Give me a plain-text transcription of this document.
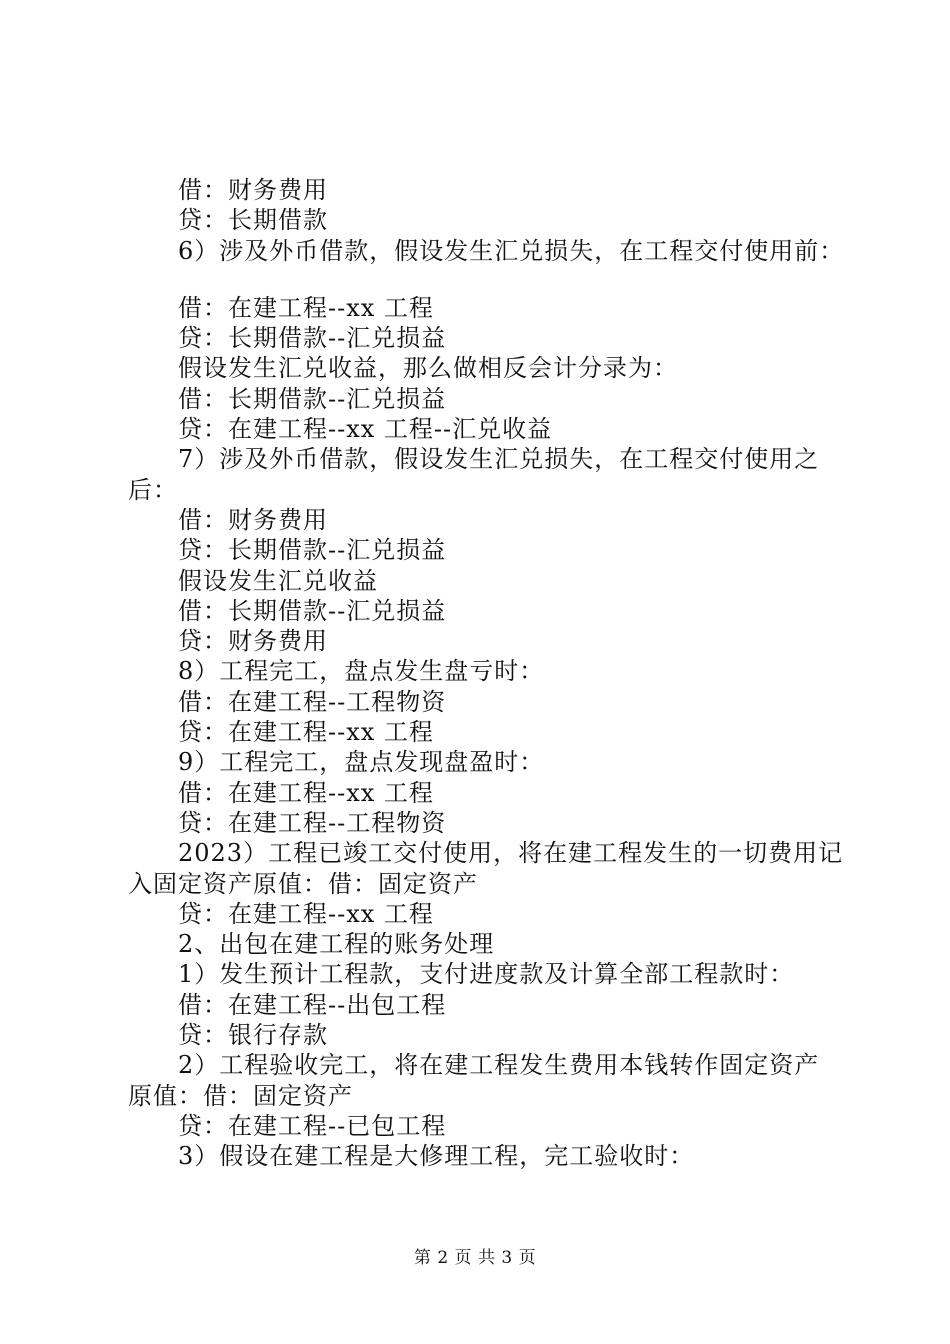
借：财务费用
贷：长期借款
6）涉及外币借款，假设发生汇兑损失，在工程交付使用前：
借：在建工程--xx 工程
贷：长期借款--汇兑损益
假设发生汇兑收益，那么做相反会计分录为：
借：长期借款--汇兑损益
贷：在建工程--xx 工程--汇兑收益
7）涉及外币借款，假设发生汇兑损失，在工程交付使用之
后：
借：财务费用
贷：长期借款--汇兑损益
假设发生汇兑收益
借：长期借款--汇兑损益
贷：财务费用
8）工程完工，盘点发生盘亏时：
借：在建工程--工程物资
贷：在建工程--xx 工程
9）工程完工，盘点发现盘盈时：
借：在建工程--xx 工程
贷：在建工程--工程物资
2023）工程已竣工交付使用，将在建工程发生的一切费用记
入固定资产原值：借：固定资产
贷：在建工程--xx 工程
2、出包在建工程的账务处理
1）发生预计工程款，支付进度款及计算全部工程款时：
借：在建工程--出包工程
贷：银行存款
2）工程验收完工，将在建工程发生费用本钱转作固定资产
原值：借：固定资产
贷：在建工程--已包工程
3）假设在建工程是大修理工程，完工验收时：
第 2 页 共 3 页
